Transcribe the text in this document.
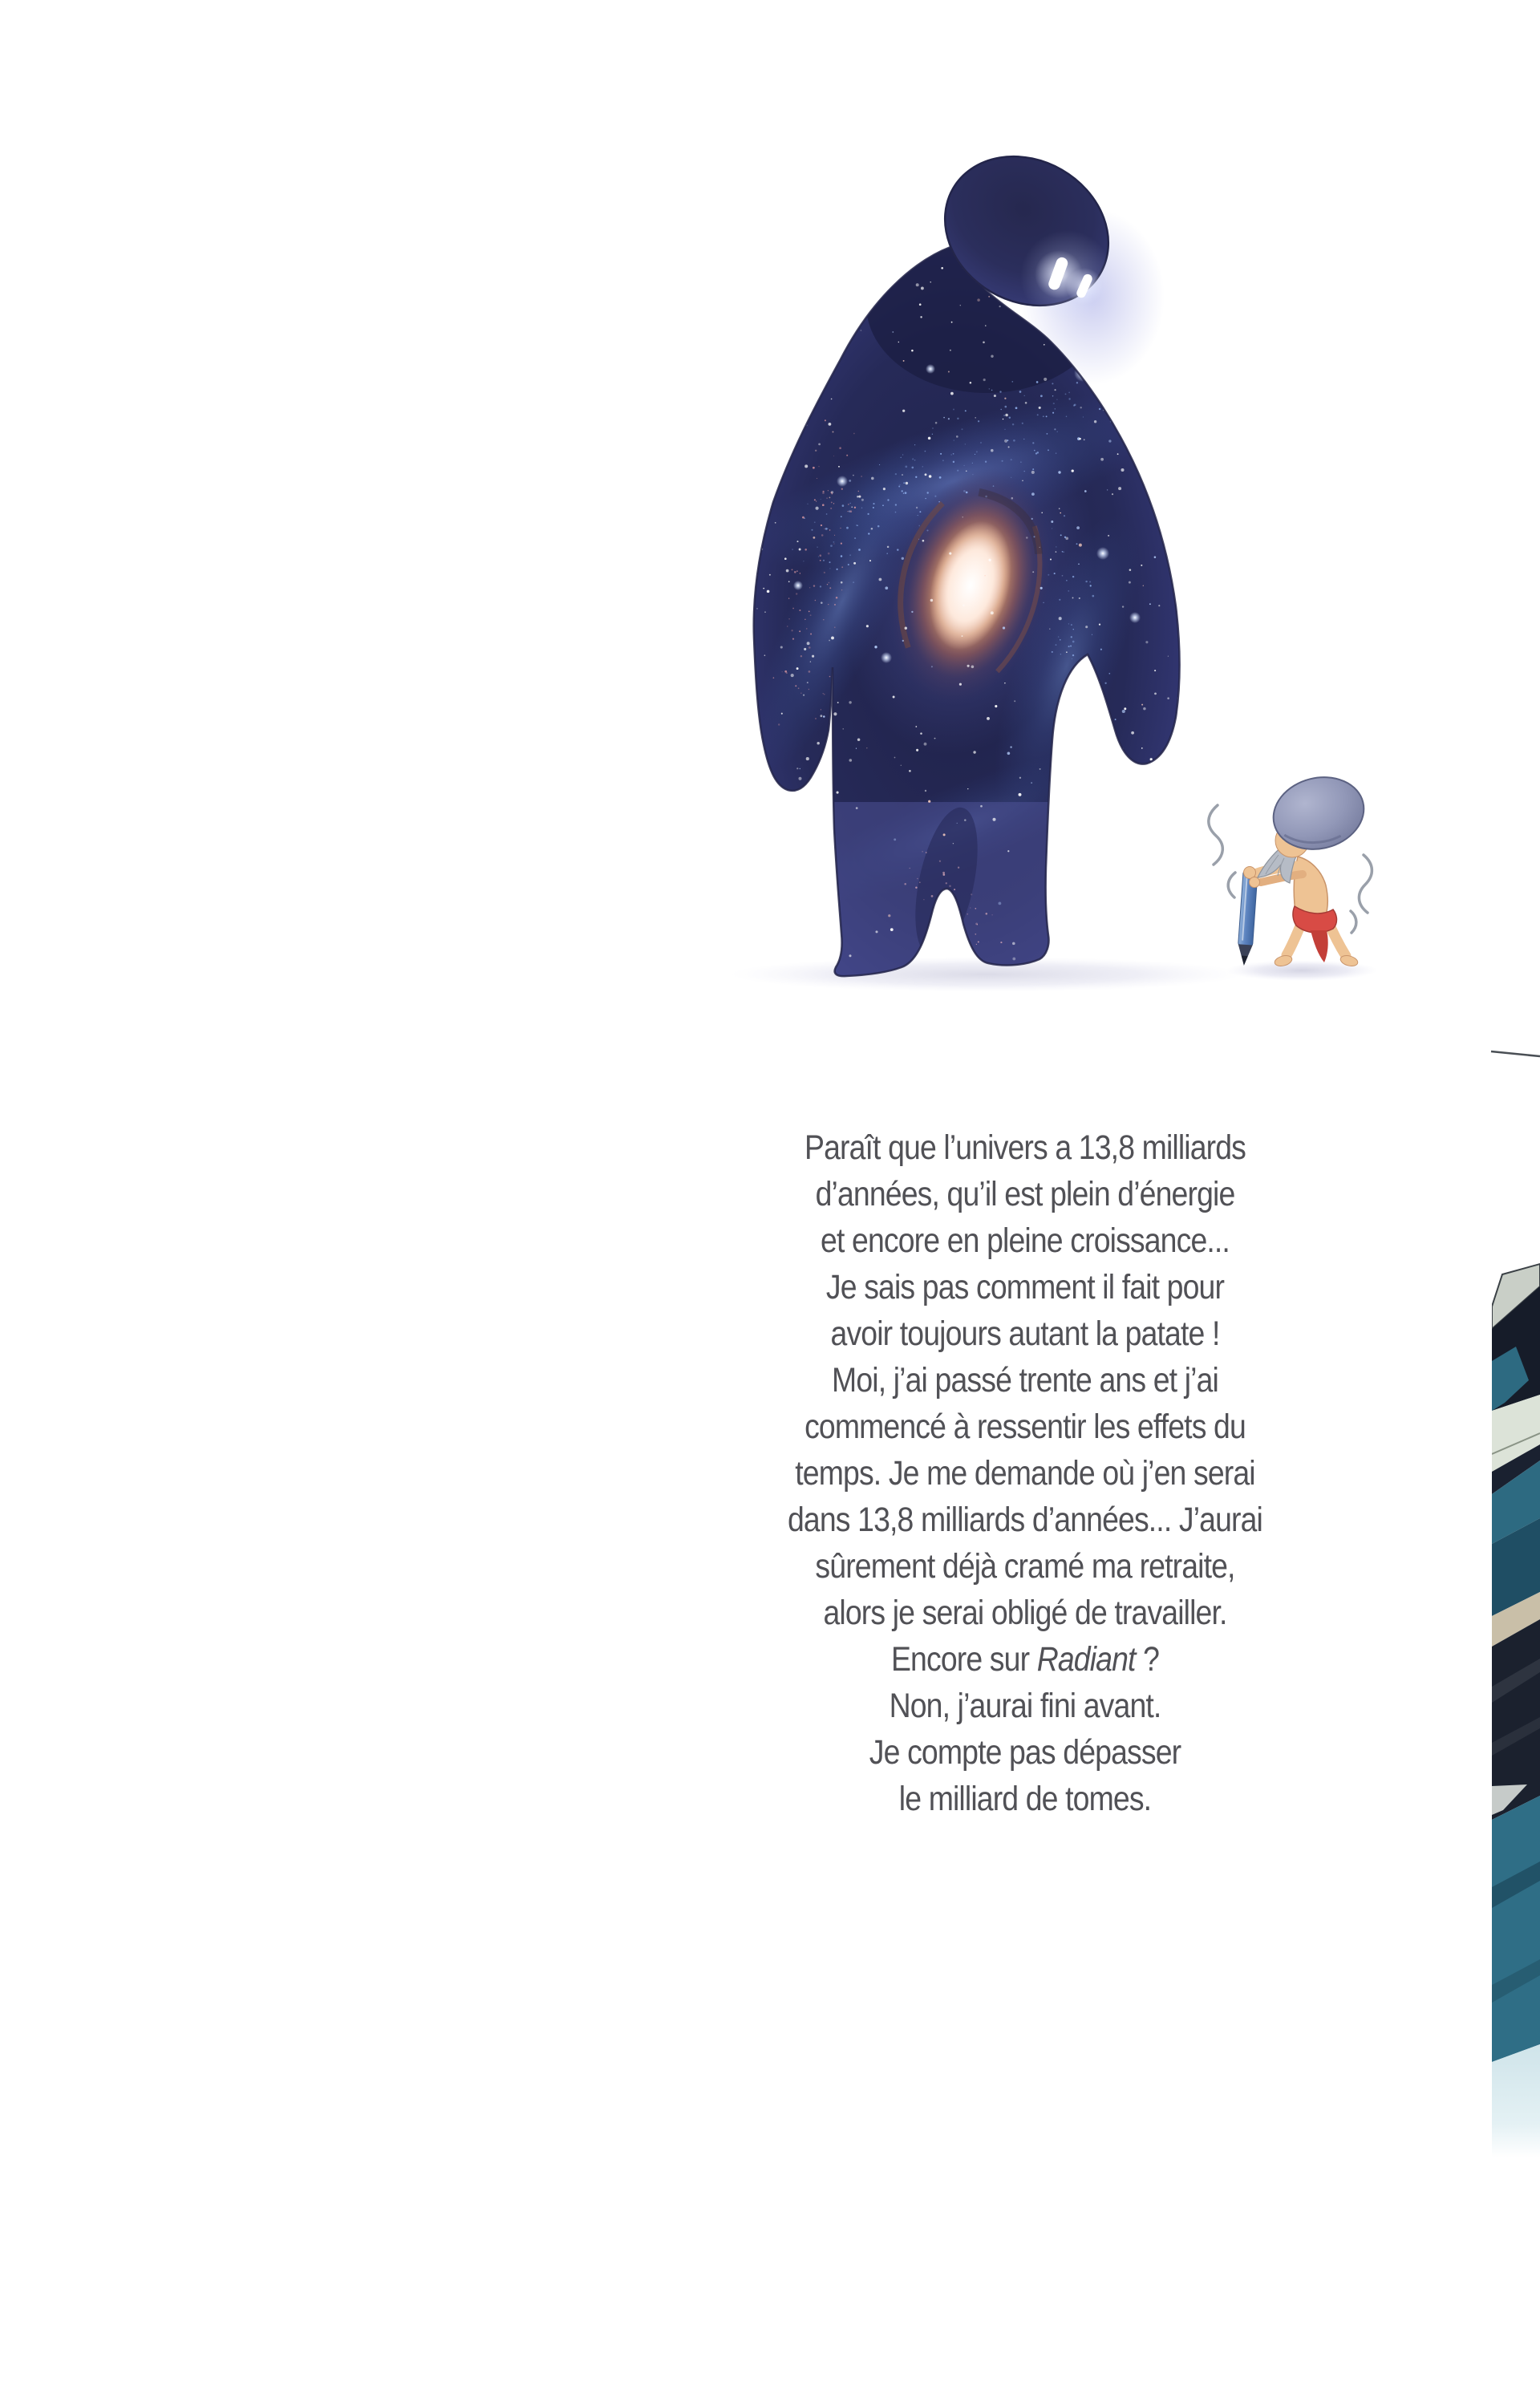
Paraît que l’univers a 13,8 milliards
d’années, qu’il est plein d’énergie
et encore en pleine croissance...
Je sais pas comment il fait pour
avoir toujours autant la patate !
Moi, j’ai passé trente ans et j’ai
commencé à ressentir les effets du
temps. Je me demande où j’en serai
dans 13,8 milliards d’années... J’aurai
sûrement déjà cramé ma retraite,
alors je serai obligé de travailler.
Encore sur Radiant ?
Non, j’aurai fini avant.
Je compte pas dépasser
le milliard de tomes.
